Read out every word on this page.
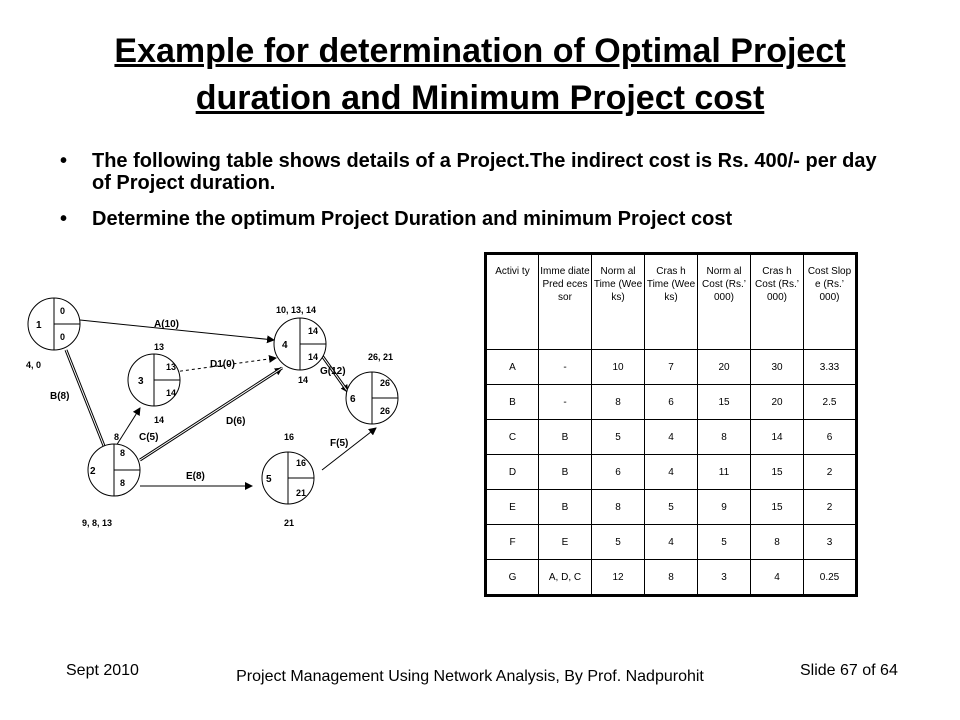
Example for determination of Optimal Project
duration and Minimum Project cost
• The following table shows details of a Project.The indirect cost is Rs. 400/- per day of Project duration.
• Determine the optimum Project Duration and minimum Project cost
1
0
0
2
8
8
3
13
14
4
14
14
5
16
21
6
26
26
A(10)
B(8)
C(5)
D1(0)
D(6)
E(8)
G(12)
F(5)
4, 0
8
9, 8, 13
13
14
10, 13, 14
14
16
21
26, 21
Activi ty	Imme diate Pred eces sor	Norm al Time (Wee ks)	Cras h Time (Wee ks)	Norm al Cost (Rs.’ 000)	Cras h Cost (Rs.’ 000)	Cost Slop e (Rs.’ 000)
A	-	10	7	20	30	3.33
B	-	8	6	15	20	2.5
C	B	5	4	8	14	6
D	B	6	4	11	15	2
E	B	8	5	9	15	2
F	E	5	4	5	8	3
G	A, D, C	12	8	3	4	0.25
Sept 2010	Project Management Using Network Analysis, By Prof. Nadpurohit	Slide 67 of 64
